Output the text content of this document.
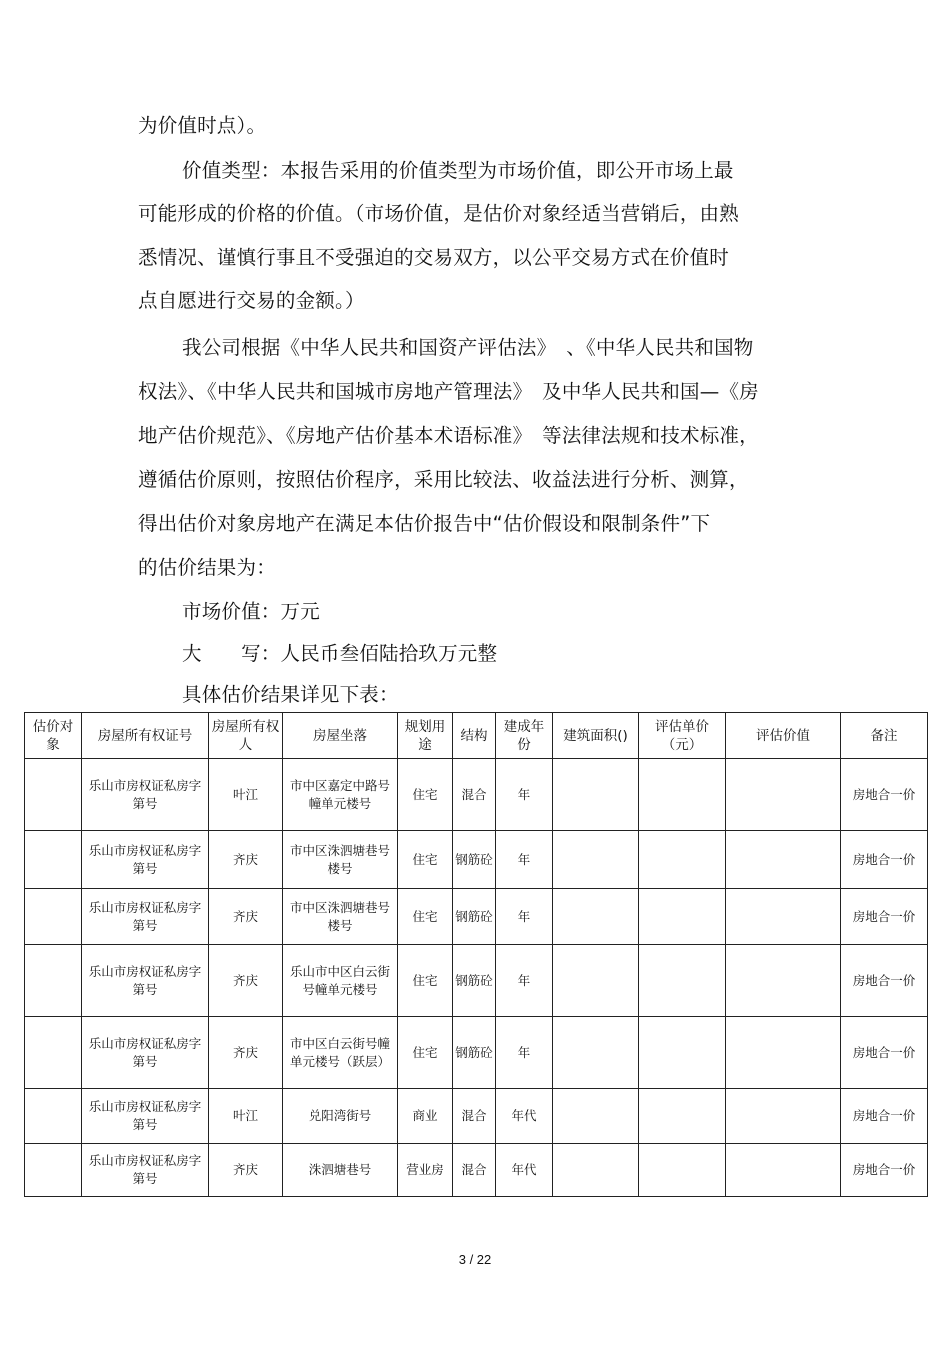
为价值时点）。
价值类型：本报告采用的价值类型为市场价值，即公开市场上最
可能形成的价格的价值。（市场价值，是估价对象经适当营销后，由熟
悉情况、谨慎行事且不受强迫的交易双方，以公平交易方式在价值时
点自愿进行交易的金额。）
我公司根据《中华人民共和国资产评估法》　、《中华人民共和国物
权法》、《中华人民共和国城市房地产管理法》　及中华人民共和国—《房
地产估价规范》、《房地产估价基本术语标准》　等法律法规和技术标准，
遵循估价原则，按照估价程序，采用比较法、收益法进行分析、测算，
得出估价对象房地产在满足本估价报告中“估价假设和限制条件”下
的估价结果为：
市场价值：万元
大　　写：人民币叁佰陆拾玖万元整
具体估价结果详见下表：
估价对象	房屋所有权证号	房屋所有权人	房屋坐落	规划用途	结构	建成年份	建筑面积()	评估单价（元）	评估价值	备注
	乐山市房权证私房字第号	叶江	市中区嘉定中路号幢单元楼号	住宅	混合	年				房地合一价
	乐山市房权证私房字第号	齐庆	市中区洙泗塘巷号楼号	住宅	钢筋砼	年				房地合一价
	乐山市房权证私房字第号	齐庆	市中区洙泗塘巷号楼号	住宅	钢筋砼	年				房地合一价
	乐山市房权证私房字第号	齐庆	乐山市中区白云街号幢单元楼号	住宅	钢筋砼	年				房地合一价
	乐山市房权证私房字第号	齐庆	市中区白云街号幢单元楼号（跃层）	住宅	钢筋砼	年				房地合一价
	乐山市房权证私房字第号	叶江	兑阳湾街号	商业	混合	年代				房地合一价
	乐山市房权证私房字第号	齐庆	洙泗塘巷号	营业房	混合	年代				房地合一价
3 / 22
